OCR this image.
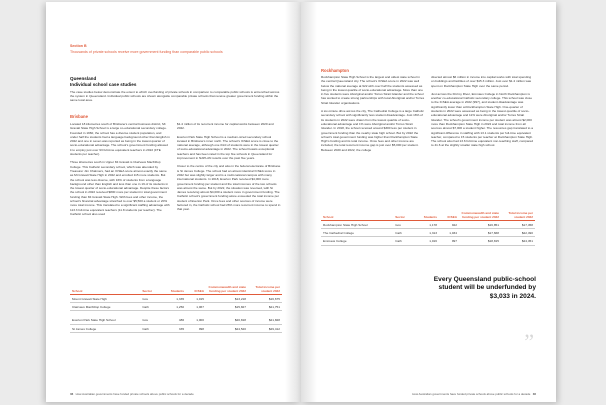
Section B
Thousands of private schools receive more government funding than comparable public schools
Queensland
Individual school case studies
The case studies below demonstrate the extent to which overfunding of private schools in comparison to comparable public schools is entrenched across the system in Queensland. Individual public schools are shown alongside comparable private schools that receive greater government funding within the same local area.
Brisbane

Located 18 kilometres south of Brisbane's central business district, Mt Gravatt State High School is a large co-educational secondary college. Founded in 1960, the school has a diverse student population, and under half the students had a language background other than English in 2022 and one in seven was reported as being in the lowest quarter of socio-educational advantage. The school's government funding allowed it to employ just over 93 full-time equivalent teachers in 2022 (FTE students per teacher).

Three kilometres south in Upper Mt Gravatt is Clairvaux MacKillop College. This Catholic secondary school, which was attended by Treasurer Jim Chalmers, had an ICSEA score almost exactly the same as Mt Gravatt State High in 2022 and enrolled 115 more students. But the school was less diverse, with 16% of students from a language background other than English and less than one in 19 of its students in the lowest quarter of socio-educational advantage. Despite these factors the school in 2022 received $800 more per student in total government funding than Mt Gravatt State High. With fees and other income, the school's financial advantage stretched to over $5,500 a student or 20% more total income. This translated to a significant staffing advantage with 113.3 full-time equivalent teachers (11.8 students per teacher). The Catholic school also used

$1.4 million of its recurrent income for capital works between 2020 and 2022.

Everton Park State High School is a medium-sized secondary school located in Brisbane's inner north. The school's ICSEA score is close to the national average, although one third of students were in the lowest quarter of socio-educational advantage in 2022. The school boasts exceptional teachers and has been rated in the top five schools in Queensland for improvement in NAPLAN results over the past five years.

Closer to the centre of the city and also in the federal electorate of Brisbane is St James College. The school had an almost identical ICSEA score in 2022 but was slightly larger and is a multi-national campus with many international students. In 2018, Everton Park received $4,000 more government funding per student and the total incomes of the two schools was almost the same. But by 2022, the situation was reversed, with St James receiving almost $4,000 a student more in government funding. The Catholic school's government funding alone exceeded the total income per student of Everton Park. Once fees and other sources of income were factored in, the Catholic school had 26% more recurrent income to spend in that year.

School	Sector	Students	ICSEA	Commonwealth and state funding per student 2022	Total income per student 2022
Mount Gravatt State High	Gov	1,335	1,015	$13,218	$16,675
Clairvaux MacKillop College	Cath	1,250	1,067	$15,827	$21,751

Everton Park State High School	Gov	486	1,000	$20,818	$21,828
St James College	Cath	335	998	$24,520	$29,412
36 How Australian governments have funded private schools above public schools for a decade
Rockhampton

Rockhampton State High School is the largest and oldest state school in the central Queensland city. The school's ICSEA score in 2022 was well below the national average at 922 with over half the students assessed as being in the lowest quartile of socio-educational advantage. More than one in five students were Aboriginal and/or Torres Strait Islander and the school has worked to create strong partnerships with local Aboriginal and/or Torres Strait Islander organisations.

A six-minute drive across the city, The Cathedral College is a large Catholic secondary school with significantly less student disadvantage. Just 16% of its students in 2022 were drawn from the lowest quartile of socio-educational advantage and 1% were Aboriginal and/or Torres Strait Islander. In 2018, the school received around $300 less per student in government funding than the nearby state high school. But by 2022 the school's total government funding was higher than Rockhampton State High's funding and its total income. Once fees and other income are included, the total recurrent income gap is just over $5,000 per student. Between 2020 and 2022, the college

diverted almost $6 million in income into capital works with total spending on buildings and facilities of over $15.3 million. Just over $1.4 million was spent on Rockhampton State High over the same period.

Just across the Fitzroy River, Emmaus College in North Rockhampton is another co-educational Catholic secondary college. This school was close to the ICSEA average in 2022 (997), and student disadvantage was significantly lower than at Rockhampton State High. One-quarter of students in 2022 were assessed as being in the lowest quartile of socio-educational advantage and 11% were Aboriginal and/or Torres Strait Islander. The school's government income per student was almost $2,000 more than Rockhampton State High in 2022 and total income from all sources almost $7,000 a student higher. The resources gap translated to a significant difference in staffing with 13.1 students per full-time equivalent teacher, compared to 15 students per teacher at Rockhampton State High. The school also had 13.6 full-time equivalent non-teaching staff, compared to 41.6 at the slightly smaller state high school.

School	Sector	Students	ICSEA	Commonwealth and state funding per student 2022	Total income per student 2022
Rockhampton State High School	Gov	1,178	922	$16,851	$17,458
The Cathedral College	Cath	1,313	1,034	$17,668	$22,490
Emmaus College	Cath	1,016	997	$18,815	$24,451
Every Queensland public-school student will be underfunded by $3,033 in 2024.
”
How Australian governments have funded private schools above public schools for a decade 36
